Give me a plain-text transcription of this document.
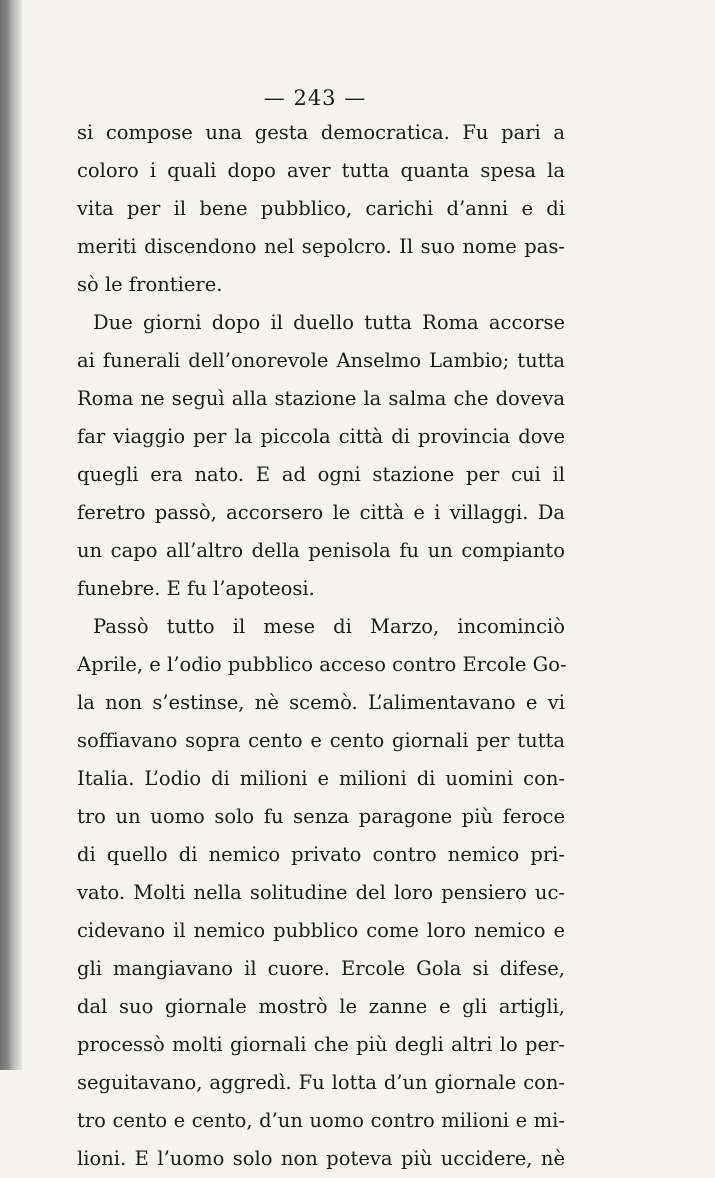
— 243 —
si compose una gesta democratica. Fu pari a
coloro i quali dopo aver tutta quanta spesa la
vita per il bene pubblico, carichi d’anni e di
meriti discendono nel sepolcro. Il suo nome pas-
sò le frontiere.
Due giorni dopo il duello tutta Roma accorse
ai funerali dell’onorevole Anselmo Lambio; tutta
Roma ne seguì alla stazione la salma che doveva
far viaggio per la piccola città di provincia dove
quegli era nato. E ad ogni stazione per cui il
feretro passò, accorsero le città e i villaggi. Da
un capo all’altro della penisola fu un compianto
funebre. E fu l’apoteosi.
Passò tutto il mese di Marzo, incominciò
Aprile, e l’odio pubblico acceso contro Ercole Go-
la non s’estinse, nè scemò. L’alimentavano e vi
soffiavano sopra cento e cento giornali per tutta
Italia. L’odio di milioni e milioni di uomini con-
tro un uomo solo fu senza paragone più feroce
di quello di nemico privato contro nemico pri-
vato. Molti nella solitudine del loro pensiero uc-
cidevano il nemico pubblico come loro nemico e
gli mangiavano il cuore. Ercole Gola si difese,
dal suo giornale mostrò le zanne e gli artigli,
processò molti giornali che più degli altri lo per-
seguitavano, aggredì. Fu lotta d’un giornale con-
tro cento e cento, d’un uomo contro milioni e mi-
lioni. E l’uomo solo non poteva più uccidere, nè
